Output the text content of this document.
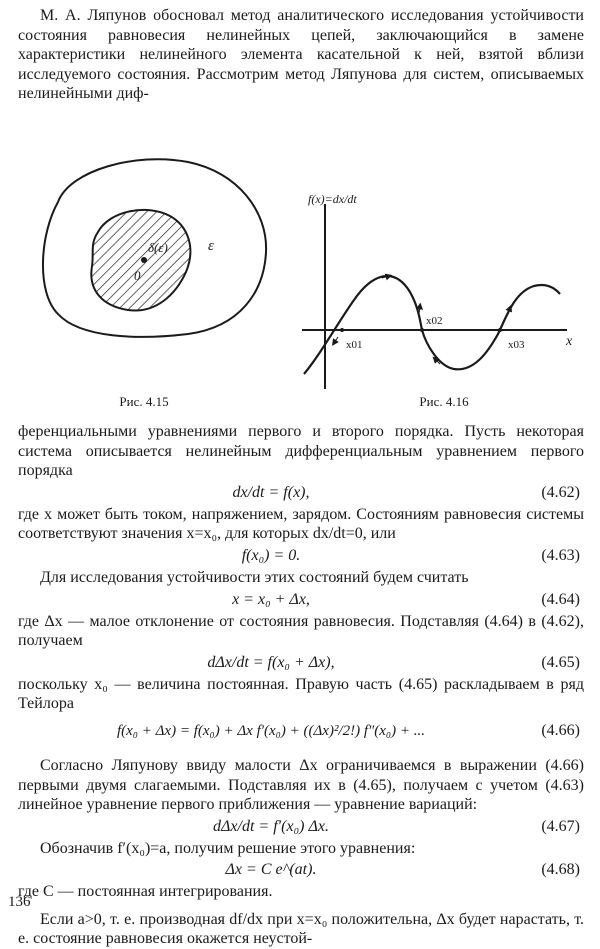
М. А. Ляпунов обосновал метод аналитического исследования устойчивости состояния равновесия нелинейных цепей, заключающийся в замене характеристики нелинейного элемента касательной к ней, взятой вблизи исследуемого состояния. Рассмотрим метод Ляпунова для систем, описываемых нелинейными диф-

δ(ε)
0
ε
Рис. 4.15
x01
x02
x03	x
f(x)=dx/dt
Рис. 4.16

ференциальными уравнениями первого и второго порядка. Пусть некоторая система описывается нелинейным дифференциальным уравнением первого порядка

dx/dt = f(x),	(4.62)

где x может быть током, напряжением, зарядом. Состояниям равновесия системы соответствуют значения x=x₀, для которых dx/dt=0, или

f(x₀) = 0.	(4.63)

Для исследования устойчивости этих состояний будем считать

x = x₀ + Δx,	(4.64)

где Δx — малое отклонение от состояния равновесия. Подставляя (4.64) в (4.62), получаем

dΔx/dt = f(x₀ + Δx),	(4.65)

поскольку x₀ — величина постоянная. Правую часть (4.65) раскладываем в ряд Тейлора

f(x₀ + Δx) = f(x₀) + Δx f′(x₀) + ((Δx)²/2!) f″(x₀) + ...	(4.66)

Согласно Ляпунову ввиду малости Δx ограничиваемся в выражении (4.66) первыми двумя слагаемыми. Подставляя их в (4.65), получаем с учетом (4.63) линейное уравнение первого приближения — уравнение вариаций:

dΔx/dt = f′(x₀) Δx.	(4.67)

Обозначив f′(x₀)=a, получим решение этого уравнения:

Δx = C e^(at).	(4.68)

где C — постоянная интегрирования.

Если a>0, т. е. производная df/dx при x=x₀ положительна, Δx будет нарастать, т. е. состояние равновесия окажется неустой-

136
